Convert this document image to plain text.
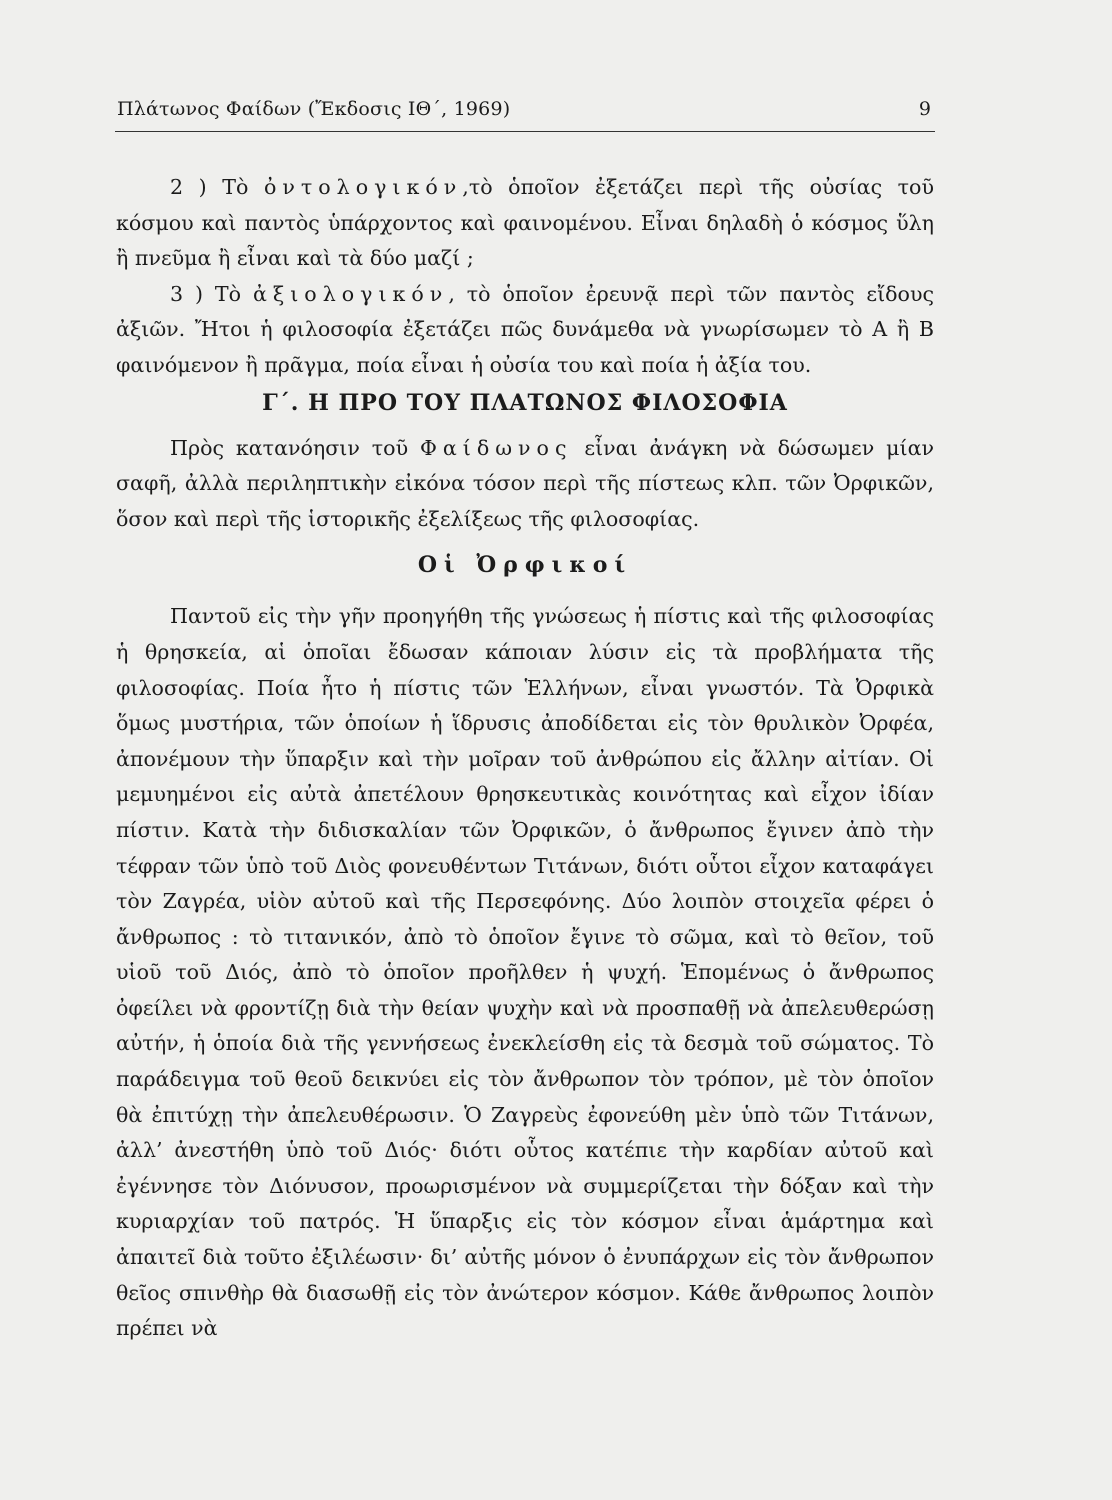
Πλάτωνος Φαίδων (Ἔκδοσις ΙΘ΄, 1969)	9

2 ) Τὸ ὀντολογικόν,τὸ ὁποῖον ἐξετάζει περὶ τῆς οὐσίας τοῦ κόσμου καὶ παντὸς ὑπάρχοντος καὶ φαινομένου. Εἶναι δηλαδὴ ὁ κόσμος ὕλη ἢ πνεῦμα ἢ εἶναι καὶ τὰ δύο μαζί ;

3 ) Τὸ ἀξιολογικόν, τὸ ὁποῖον ἐρευνᾷ περὶ τῶν παντὸς εἴδους ἀξιῶν. Ἤτοι ἡ φιλοσοφία ἐξετάζει πῶς δυνάμεθα νὰ γνωρίσωμεν τὸ Α ἢ Β φαινόμενον ἢ πρᾶγμα, ποία εἶναι ἡ οὐσία του καὶ ποία ἡ ἀξία του.

Γ΄. Η ΠΡΟ ΤΟΥ ΠΛΑΤΩΝΟΣ ΦΙΛΟΣΟΦΙΑ

Πρὸς κατανόησιν τοῦ Φαίδωνος εἶναι ἀνάγκη νὰ δώσωμεν μίαν σαφῆ, ἀλλὰ περιληπτικὴν εἰκόνα τόσον περὶ τῆς πίστεως κλπ. τῶν Ὀρφικῶν, ὅσον καὶ περὶ τῆς ἱστορικῆς ἐξελίξεως τῆς φιλοσοφίας.

Οἱ Ὀρφικοί

Παντοῦ εἰς τὴν γῆν προηγήθη τῆς γνώσεως ἡ πίστις καὶ τῆς φιλοσοφίας ἡ θρησκεία, αἱ ὁποῖαι ἔδωσαν κάποιαν λύσιν εἰς τὰ προβλήματα τῆς φιλοσοφίας. Ποία ἦτο ἡ πίστις τῶν Ἑλλήνων, εἶναι γνωστόν. Τὰ Ὀρφικὰ ὅμως μυστήρια, τῶν ὁποίων ἡ ἵδρυσις ἀποδίδεται εἰς τὸν θρυλικὸν Ὀρφέα, ἀπονέμουν τὴν ὕπαρξιν καὶ τὴν μοῖραν τοῦ ἀνθρώπου εἰς ἄλλην αἰτίαν. Οἱ μεμυημένοι εἰς αὐτὰ ἀπετέλουν θρησκευτικὰς κοινότητας καὶ εἶχον ἰδίαν πίστιν. Κατὰ τὴν διδισκαλίαν τῶν Ὀρφικῶν, ὁ ἄνθρωπος ἔγινεν ἀπὸ τὴν τέφραν τῶν ὑπὸ τοῦ Διὸς φονευθέντων Τιτάνων, διότι οὗτοι εἶχον καταφάγει τὸν Ζαγρέα, υἱὸν αὐτοῦ καὶ τῆς Περσεφόνης. Δύο λοιπὸν στοιχεῖα φέρει ὁ ἄνθρωπος : τὸ τιτανικόν, ἀπὸ τὸ ὁποῖον ἔγινε τὸ σῶμα, καὶ τὸ θεῖον, τοῦ υἱοῦ τοῦ Διός, ἀπὸ τὸ ὁποῖον προῆλθεν ἡ ψυχή. Ἑπομένως ὁ ἄνθρωπος ὀφείλει νὰ φροντίζῃ διὰ τὴν θείαν ψυχὴν καὶ νὰ προσπαθῇ νὰ ἀπελευθερώσῃ αὐτήν, ἡ ὁποία διὰ τῆς γεννήσεως ἐνεκλείσθη εἰς τὰ δεσμὰ τοῦ σώματος. Τὸ παράδειγμα τοῦ θεοῦ δεικνύει εἰς τὸν ἄνθρωπον τὸν τρόπον, μὲ τὸν ὁποῖον θὰ ἐπιτύχῃ τὴν ἀπελευθέρωσιν. Ὁ Ζαγρεὺς ἐφονεύθη μὲν ὑπὸ τῶν Τιτάνων, ἀλλ’ ἀνεστήθη ὑπὸ τοῦ Διός· διότι οὗτος κατέπιε τὴν καρδίαν αὐτοῦ καὶ ἐγέννησε τὸν Διόνυσον, προωρισμένον νὰ συμμερίζεται τὴν δόξαν καὶ τὴν κυριαρχίαν τοῦ πατρός. Ἡ ὕπαρξις εἰς τὸν κόσμον εἶναι ἁμάρτημα καὶ ἀπαιτεῖ διὰ τοῦτο ἐξιλέωσιν· δι’ αὐτῆς μόνον ὁ ἐνυπάρχων εἰς τὸν ἄνθρωπον θεῖος σπινθὴρ θὰ διασωθῇ εἰς τὸν ἀνώτερον κόσμον. Κάθε ἄνθρωπος λοιπὸν πρέπει νὰ
